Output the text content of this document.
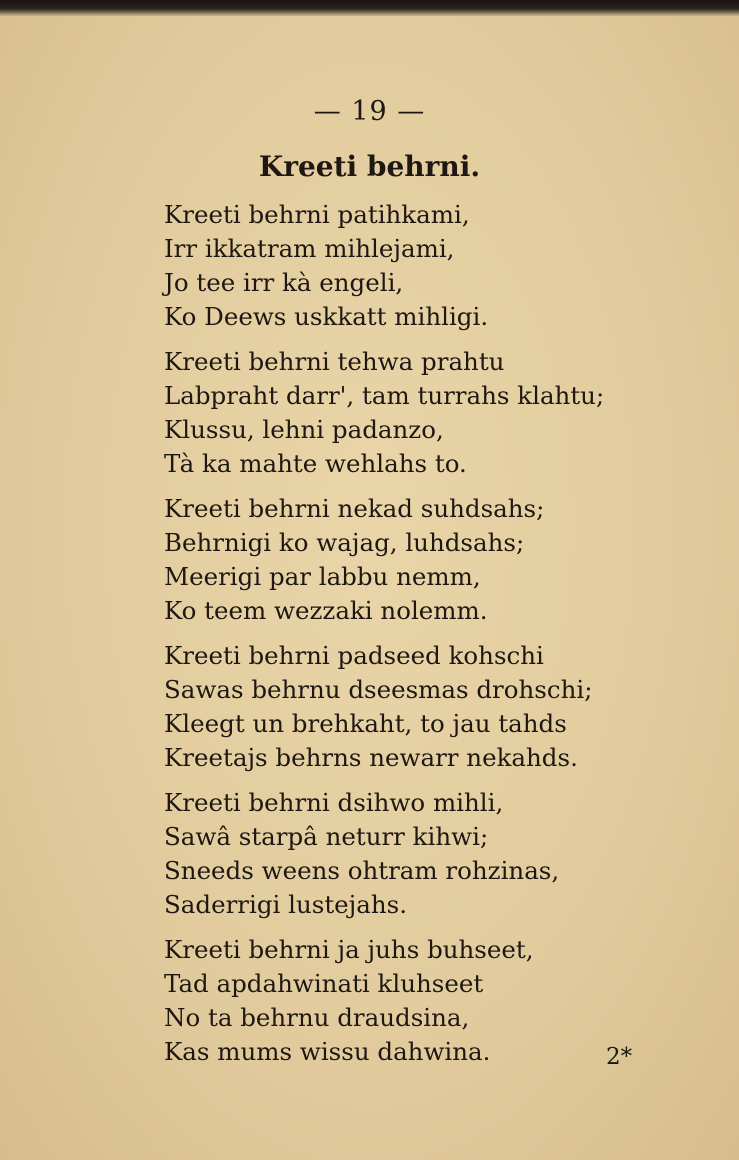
— 19 —
Kreeti behrni.
Kreeti behrni patihkami,
Irr ikkatram mihlejami,
Jo tee irr kà engeli,
Ko Deews uskkatt mihligi.
Kreeti behrni tehwa prahtu
Labpraht darr', tam turrahs klahtu;
Klussu, lehni padanzo,
Tà ka mahte wehlahs to.
Kreeti behrni nekad suhdsahs;
Behrnigi ko wajag, luhdsahs;
Meerigi par labbu nemm,
Ko teem wezzaki nolemm.
Kreeti behrni padseed kohschi
Sawas behrnu dseesmas drohschi;
Kleegt un brehkaht, to jau tahds
Kreetajs behrns newarr nekahds.
Kreeti behrni dsihwo mihli,
Sawâ starpâ neturr kihwi;
Sneeds weens ohtram rohzinas,
Saderrigi lustejahs.
Kreeti behrni ja juhs buhseet,
Tad apdahwinati kluhseet
No ta behrnu draudsina,
Kas mums wissu dahwina.	2*
